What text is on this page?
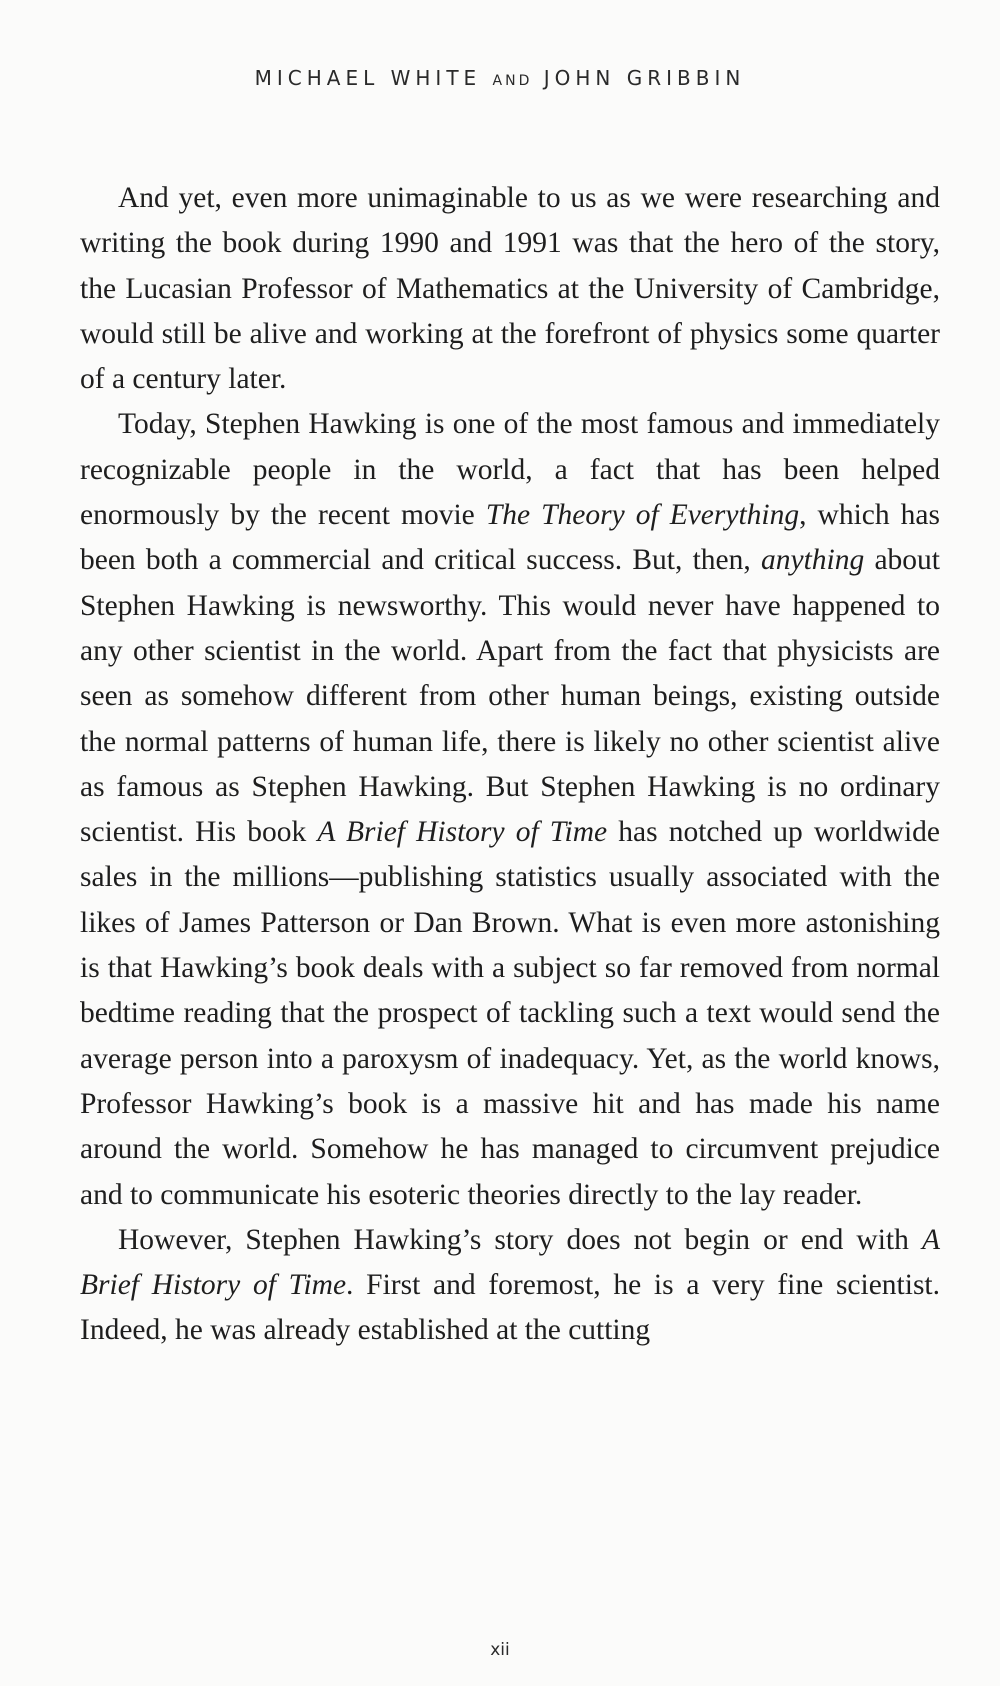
MICHAEL WHITE AND JOHN GRIBBIN

And yet, even more unimaginable to us as we were researching and writing the book during 1990 and 1991 was that the hero of the story, the Lucasian Professor of Mathematics at the University of Cambridge, would still be alive and working at the forefront of physics some quarter of a century later.

Today, Stephen Hawking is one of the most famous and immediately recognizable people in the world, a fact that has been helped enormously by the recent movie The Theory of Everything, which has been both a commercial and critical success. But, then, anything about Stephen Hawking is newsworthy. This would never have happened to any other scientist in the world. Apart from the fact that physicists are seen as somehow different from other human beings, existing outside the normal patterns of human life, there is likely no other scientist alive as famous as Stephen Hawking. But Stephen Hawking is no ordinary scientist. His book A Brief History of Time has notched up worldwide sales in the millions—publishing statistics usually associated with the likes of James Patterson or Dan Brown. What is even more astonishing is that Hawking’s book deals with a subject so far removed from normal bedtime reading that the prospect of tackling such a text would send the average person into a paroxysm of inadequacy. Yet, as the world knows, Professor Hawking’s book is a massive hit and has made his name around the world. Somehow he has managed to circumvent prejudice and to communicate his esoteric theories directly to the lay reader.

However, Stephen Hawking’s story does not begin or end with A Brief History of Time. First and foremost, he is a very fine scientist. Indeed, he was already established at the cutting

xii
